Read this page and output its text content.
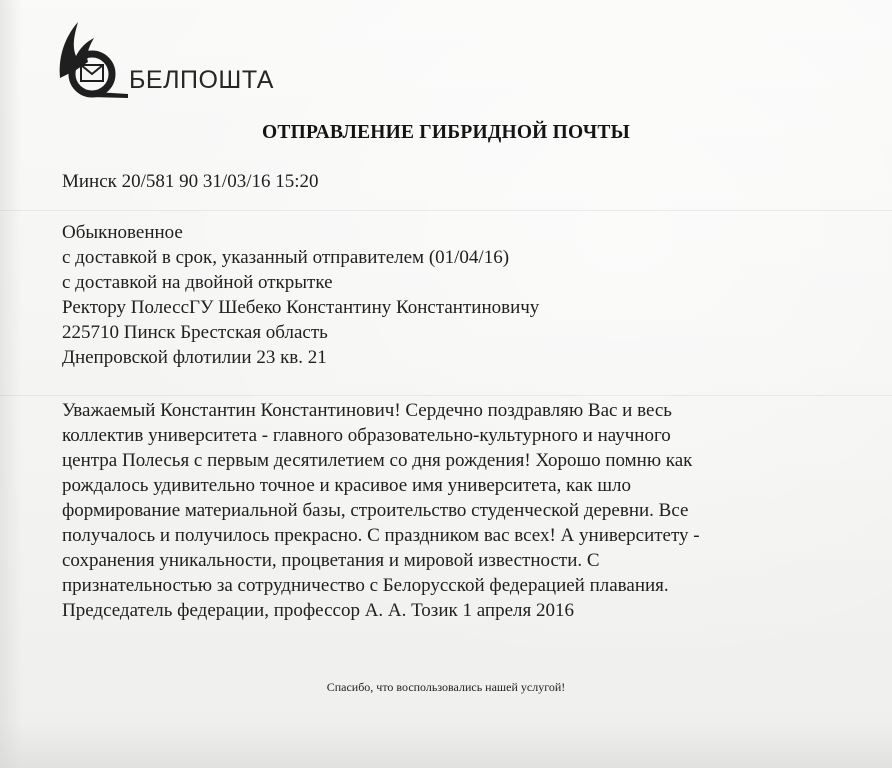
БЕЛПОШТА
ОТПРАВЛЕНИЕ ГИБРИДНОЙ ПОЧТЫ
Минск 20/581 90 31/03/16 15:20
Обыкновенное
с доставкой в срок, указанный отправителем (01/04/16)
с доставкой на двойной открытке
Ректору ПолессГУ Шебеко Константину Константиновичу
225710 Пинск Брестская область
Днепровской флотилии 23 кв. 21
Уважаемый Константин Константинович! Сердечно поздравляю Вас и весь
коллектив университета - главного образовательно-культурного и научного
центра Полесья с первым десятилетием со дня рождения! Хорошо помню как
рождалось удивительно точное и красивое имя университета, как шло
формирование материальной базы, строительство студенческой деревни. Все
получалось и получилось прекрасно. С праздником вас всех! А университету -
сохранения уникальности, процветания и мировой известности. С
признательностью за сотрудничество с Белорусской федерацией плавания.
Председатель федерации, профессор А. А. Тозик 1 апреля 2016
Спасибо, что воспользовались нашей услугой!
